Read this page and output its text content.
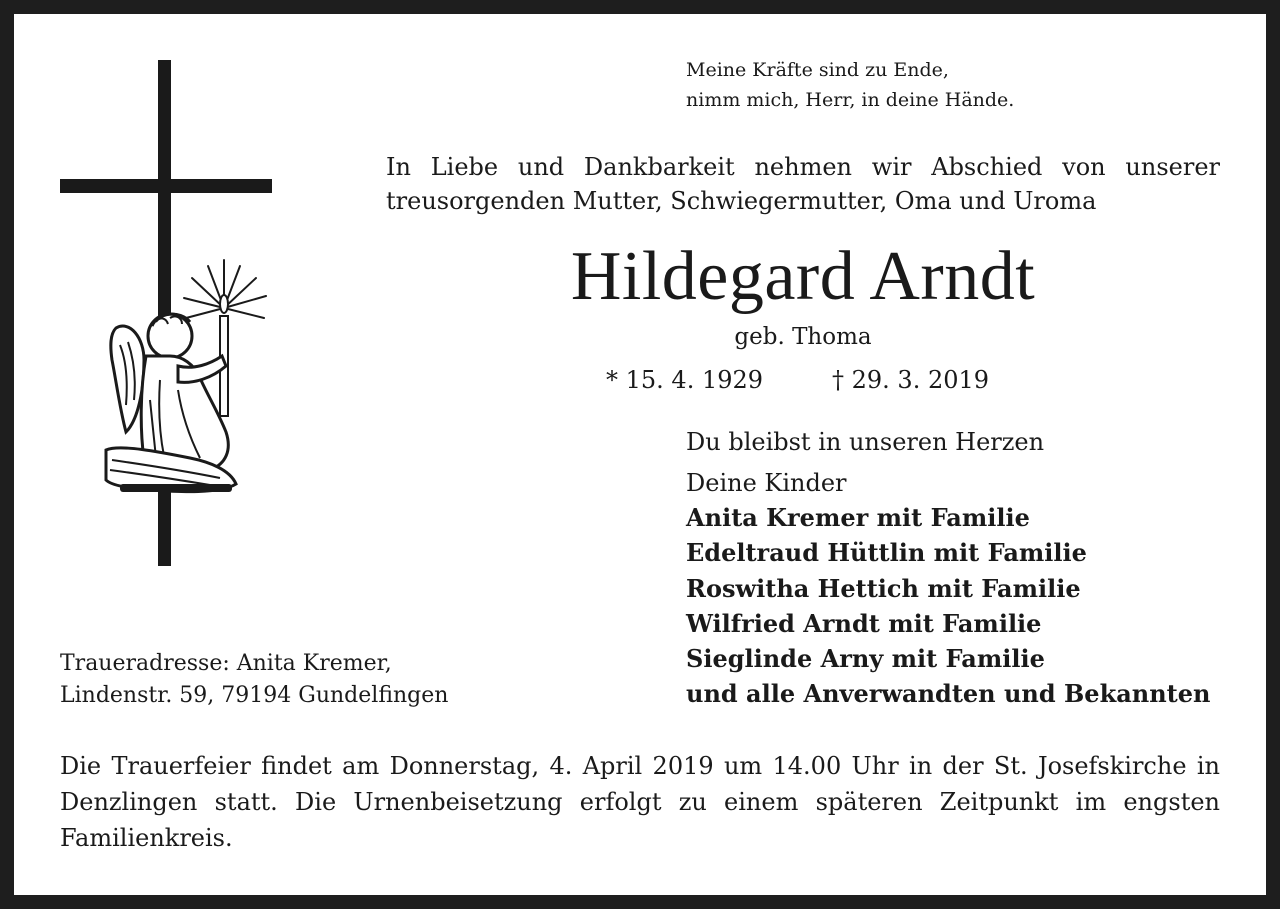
Meine Kräfte sind zu Ende,
nimm mich, Herr, in deine Hände.
In Liebe und Dankbarkeit nehmen wir Abschied von unserer
treusorgenden Mutter, Schwiegermutter, Oma und Uroma
Hildegard Arndt
geb. Thoma
* 15. 4. 1929	† 29. 3. 2019
Du bleibst in unseren Herzen
Deine Kinder
Anita Kremer mit Familie
Edeltraud Hüttlin mit Familie
Roswitha Hettich mit Familie
Wilfried Arndt mit Familie
Sieglinde Arny mit Familie
und alle Anverwandten und Bekannten
Traueradresse: Anita Kremer,
Lindenstr. 59, 79194 Gundelfingen
Die Trauerfeier findet am Donnerstag, 4. April 2019 um 14.00 Uhr in der St. Josefskirche in
Denzlingen statt. Die Urnenbeisetzung erfolgt zu einem späteren Zeitpunkt im engsten
Familienkreis.
